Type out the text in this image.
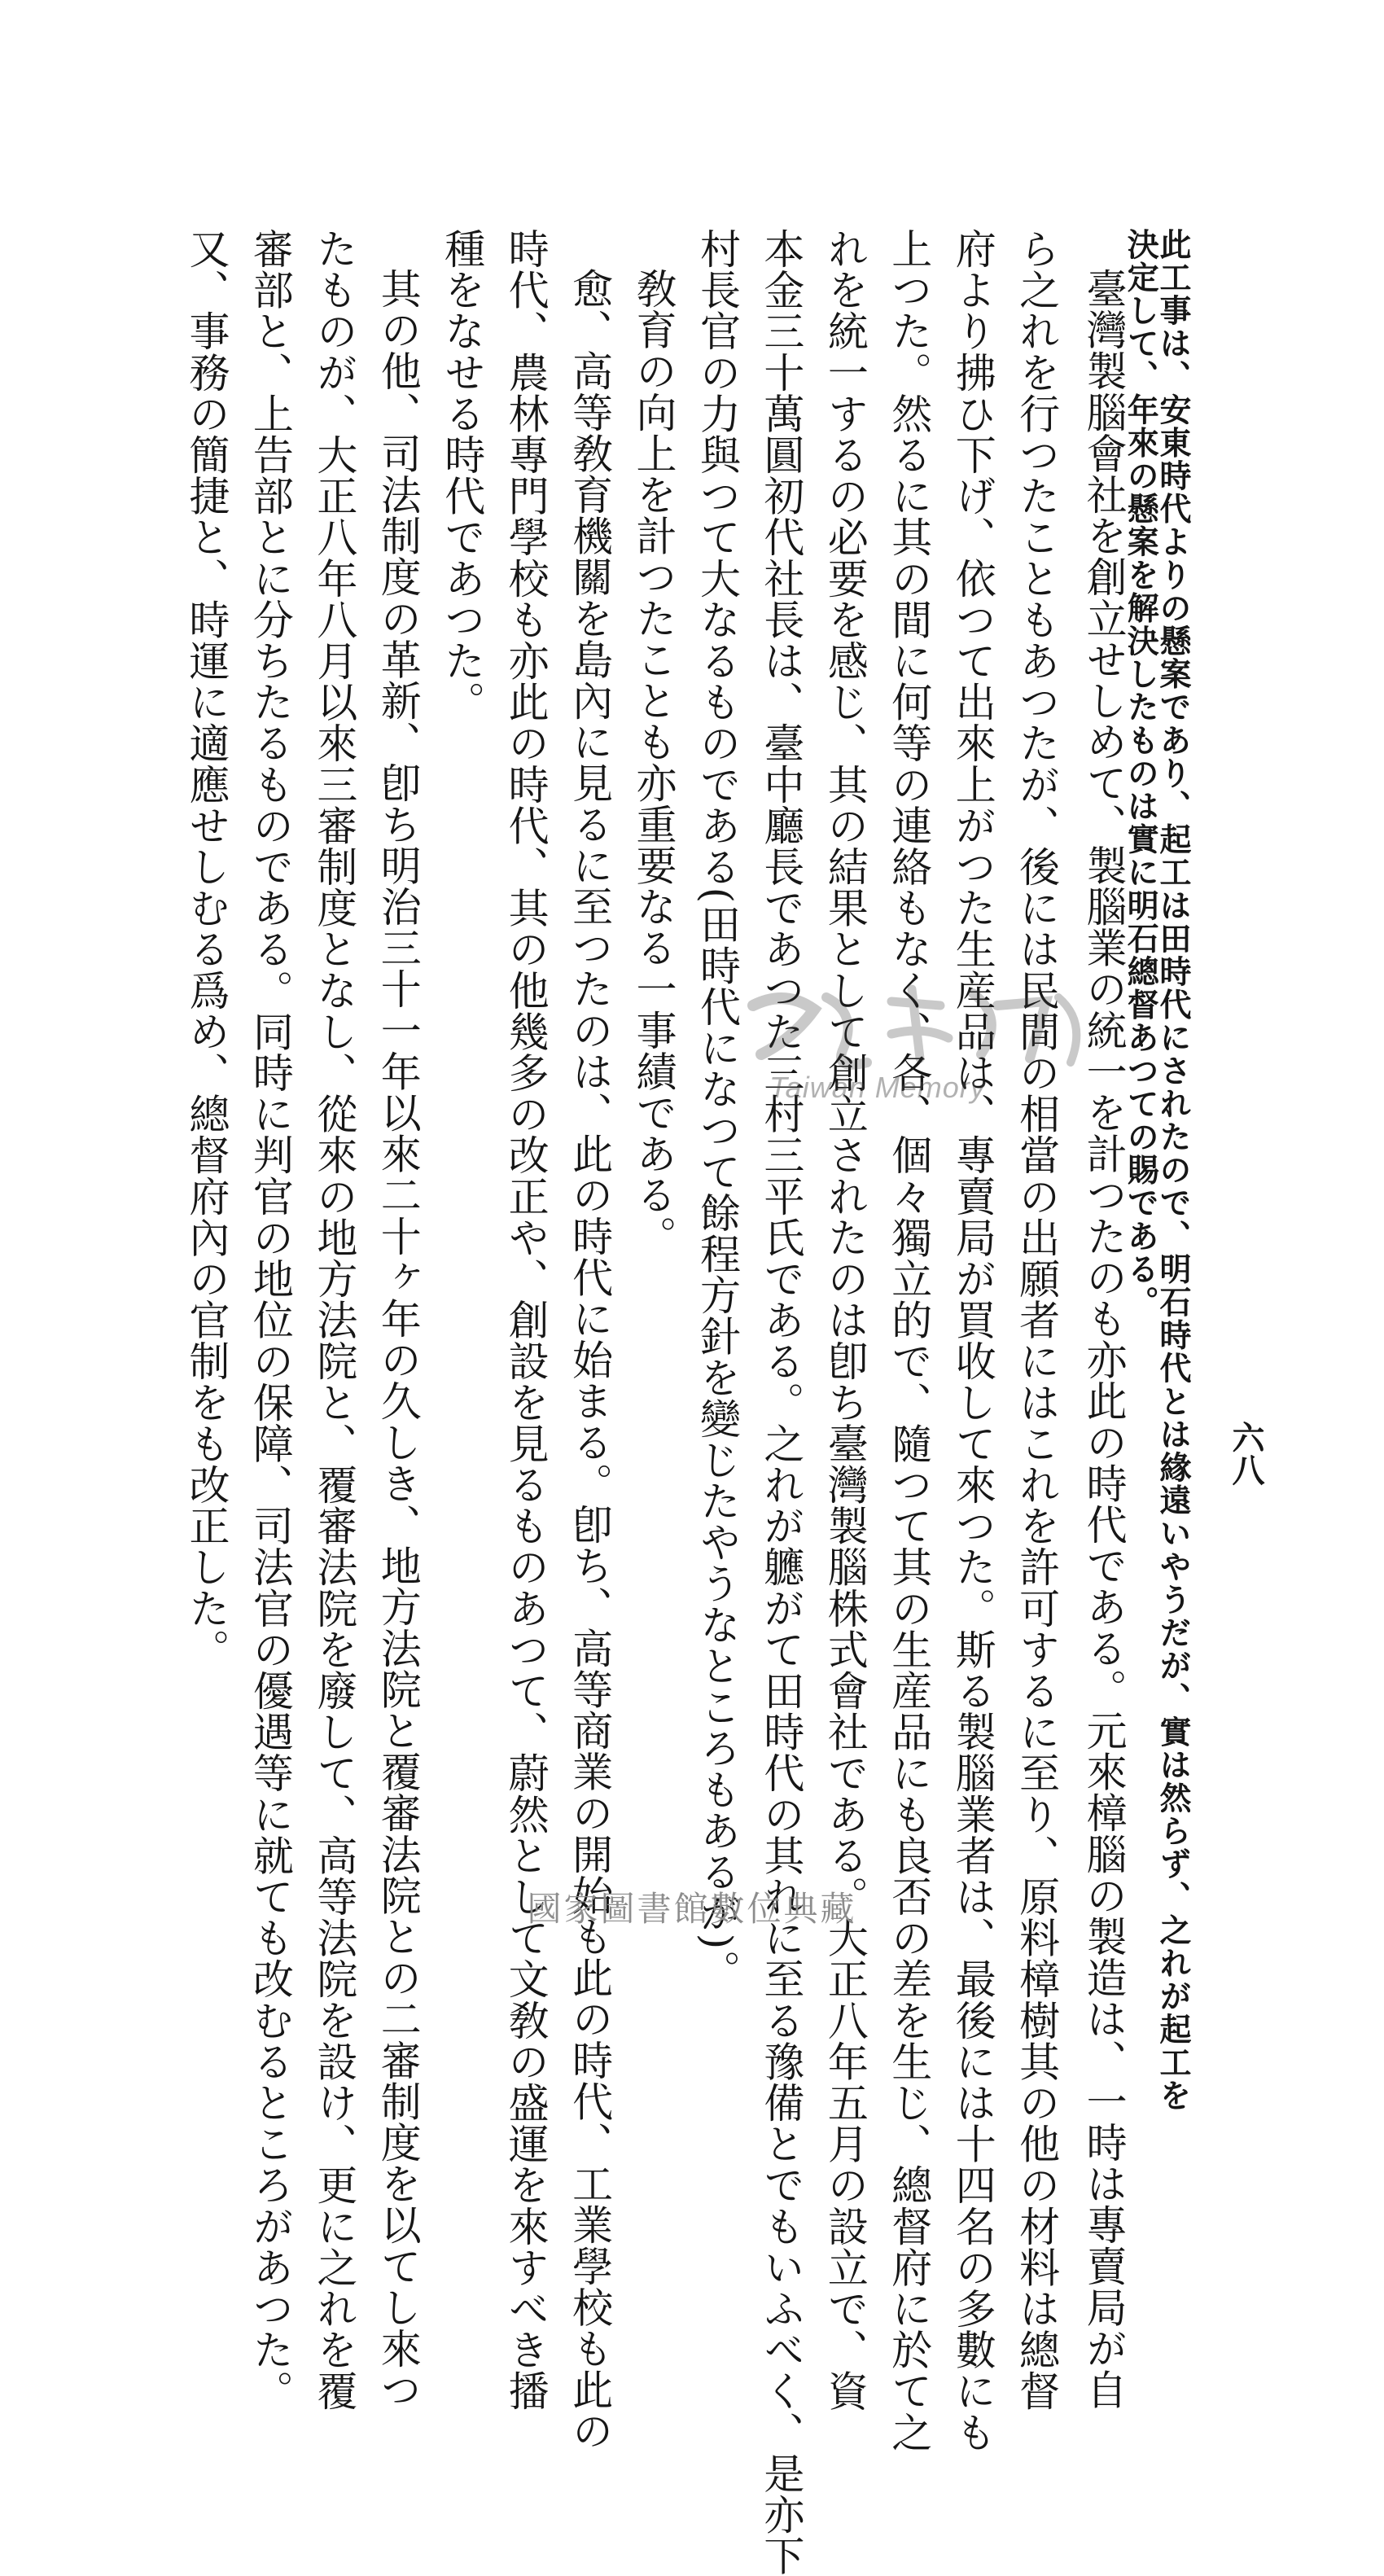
六八
此工事は、安東時代よりの懸案であり、起工は田時代にされたので、明石時代とは緣遠いやうだが、實は然らず、之れが起工を
決定して、年來の懸案を解決したものは實に明石總督あつての賜である。
臺灣製腦會社を創立せしめて、製腦業の統一を計つたのも亦此の時代である。元來樟腦の製造は、一時は專賣局が自
ら之れを行つたこともあつたが、後には民間の相當の出願者にはこれを許可するに至り、原料樟樹其の他の材料は總督
府より拂ひ下げ、依つて出來上がつた生産品は、專賣局が買收して來つた。斯る製腦業者は、最後には十四名の多數にも
上つた。然るに其の間に何等の連絡もなく、各、個々獨立的で、隨つて其の生産品にも良否の差を生じ、總督府に於て之
れを統一するの必要を感じ、其の結果として創立されたのは卽ち臺灣製腦株式會社である。大正八年五月の設立で、資
本金三十萬圓初代社長は、臺中廳長であつた三村三平氏である。之れが軈がて田時代の其れに至る豫備とでもいふべく、是亦下
村長官の力與つて大なるものである(田時代になつて餘程方針を變じたやうなところもあるが)。
敎育の向上を計つたことも亦重要なる一事績である。
愈、高等敎育機關を島內に見るに至つたのは、此の時代に始まる。卽ち、高等商業の開始も此の時代、工業學校も此の
時代、農林專門學校も亦此の時代、其の他幾多の改正や、創設を見るものあつて、蔚然として文敎の盛運を來すべき播
種をなせる時代であつた。
其の他、司法制度の革新、卽ち明治三十一年以來二十ヶ年の久しき、地方法院と覆審法院との二審制度を以てし來つ
たものが、大正八年八月以來三審制度となし、從來の地方法院と、覆審法院を廢して、高等法院を設け、更に之れを覆
審部と、上告部とに分ちたるものである。同時に判官の地位の保障、司法官の優遇等に就ても改むるところがあつた。
又、事務の簡捷と、時運に適應せしむる爲め、總督府內の官制をも改正した。	Taiwan Memory
國家圖書館數位典藏
